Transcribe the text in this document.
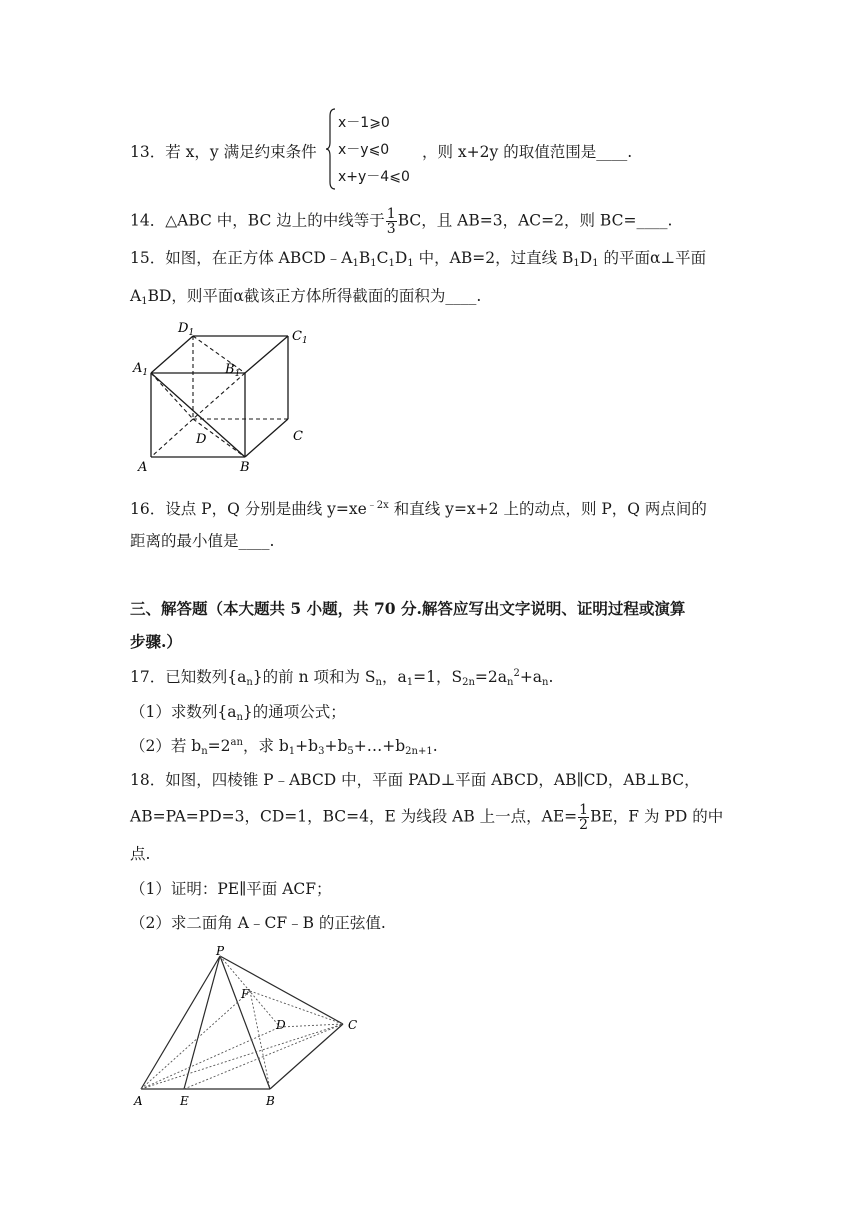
13．若 x，y 满足约束条件
x－1⩾0
x－y⩽0
x+y－4⩽0
，则 x+2y 的取值范围是____.
14．△ABC 中，BC 边上的中线等于 $\frac{1}{3}$ BC，且 AB=3，AC=2，则 BC=____.
15．如图，在正方体 $ABCD﹣A_1B_1C_1D_1$ 中，AB=2，过直线 $B_1D_1$ 的平面α⊥平面
$A_1BD$，则平面α截该正方体所得截面的面积为____.
$D_1$	$C_1$
$A_1$	$B_1$
D	C
A	B
16．设点 P，Q 分别是曲线 $y=xe^{﹣2x}$ 和直线 y=x+2 上的动点，则 P，Q 两点间的
距离的最小值是____.
三、解答题（本大题共 5 小题，共 70 分.解答应写出文字说明、证明过程或演算
步骤.）
17．已知数列$\{a_n\}$的前 n 项和为 $S_n$，$a_1=1$，$S_{2n}=2a_n^2+a_n$.
（1）求数列$\{a_n\}$的通项公式；
（2）若 $b_n=2^{an}$，求 $b_1+b_3+b_5+\dots+b_{2n+1}$.
18．如图，四棱锥 P﹣ABCD 中，平面 PAD⊥平面 ABCD，AB∥CD，AB⊥BC，
AB=PA=PD=3，CD=1，BC=4，E 为线段 AB 上一点，$AE= \frac{1}{2}$ BE，F 为 PD 的中
点.
（1）证明：PE∥平面 ACF；
（2）求二面角 A﹣CF﹣B 的正弦值.
P
F
D	C
A	E	B
